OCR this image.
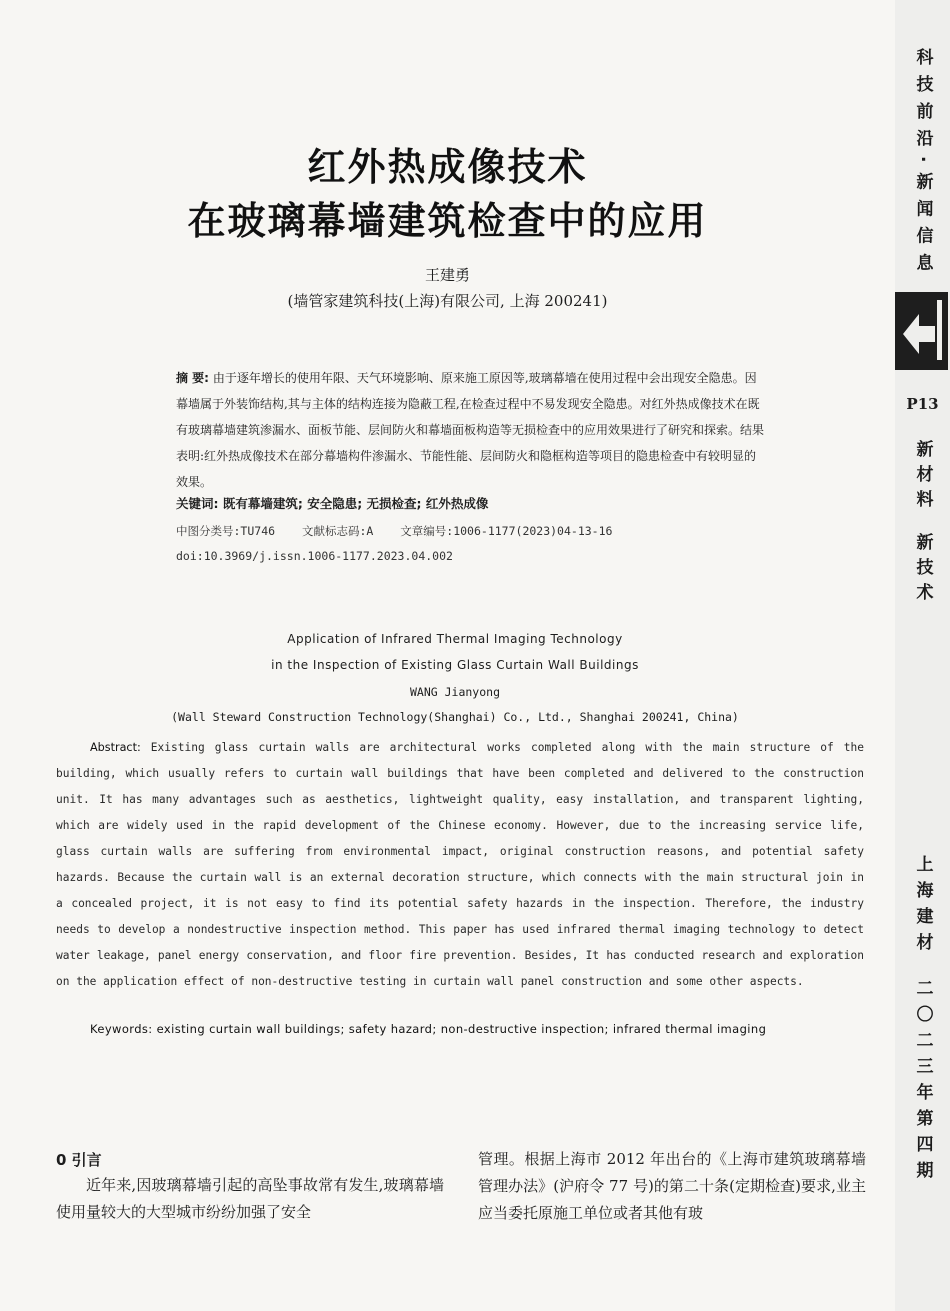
科技前沿·新闻信息
P13
新材料
新技术
上海建材
二〇二三年第四期
红外热成像技术
在玻璃幕墙建筑检查中的应用
王建勇
(墙管家建筑科技(上海)有限公司, 上海 200241)
摘 要: 由于逐年增长的使用年限、天气环境影响、原来施工原因等,玻璃幕墙在使用过程中会出现安全隐患。因幕墙属于外装饰结构,其与主体的结构连接为隐蔽工程,在检查过程中不易发现安全隐患。对红外热成像技术在既有玻璃幕墙建筑渗漏水、面板节能、层间防火和幕墙面板构造等无损检查中的应用效果进行了研究和探索。结果表明:红外热成像技术在部分幕墙构件渗漏水、节能性能、层间防火和隐框构造等项目的隐患检查中有较明显的效果。
关键词: 既有幕墙建筑; 安全隐患; 无损检查; 红外热成像
中图分类号:TU746 文献标志码:A 文章编号:1006-1177(2023)04-13-16
doi:10.3969/j.issn.1006-1177.2023.04.002
Application of Infrared Thermal Imaging Technology
in the Inspection of Existing Glass Curtain Wall Buildings
WANG Jianyong
(Wall Steward Construction Technology(Shanghai) Co., Ltd., Shanghai 200241, China)
Abstract: Existing glass curtain walls are architectural works completed along with the main structure of the building, which usually refers to curtain wall buildings that have been completed and delivered to the construction unit. It has many advantages such as aesthetics, lightweight quality, easy installation, and transparent lighting, which are widely used in the rapid development of the Chinese economy. However, due to the increasing service life, glass curtain walls are suffering from environmental impact, original construction reasons, and potential safety hazards. Because the curtain wall is an external decoration structure, which connects with the main structural join in a concealed project, it is not easy to find its potential safety hazards in the inspection. Therefore, the industry needs to develop a nondestructive inspection method. This paper has used infrared thermal imaging technology to detect water leakage, panel energy conservation, and floor fire prevention. Besides, It has conducted research and exploration on the application effect of non-destructive testing in curtain wall panel construction and some other aspects.
Keywords: existing curtain wall buildings; safety hazard; non-destructive inspection; infrared thermal imaging
0 引言
近年来,因玻璃幕墙引起的高坠事故常有发生,玻璃幕墙使用量较大的大型城市纷纷加强了安全
管理。根据上海市 2012 年出台的《上海市建筑玻璃幕墙管理办法》(沪府令 77 号)的第二十条(定期检查)要求,业主应当委托原施工单位或者其他有玻
